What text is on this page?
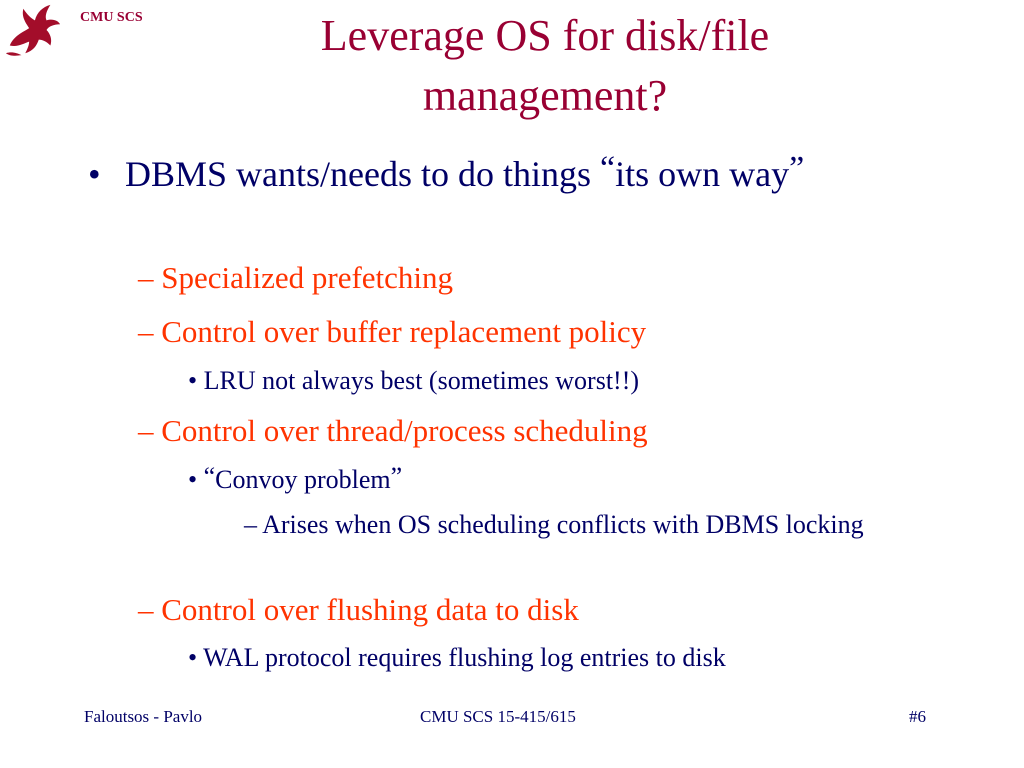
CMU SCS	Leverage OS for disk/file management?
• DBMS wants/needs to do things “its own way”
– Specialized prefetching
– Control over buffer replacement policy
• LRU not always best (sometimes worst!!)
– Control over thread/process scheduling
• “Convoy problem”
– Arises when OS scheduling conflicts with DBMS locking
– Control over flushing data to disk
• WAL protocol requires flushing log entries to disk
Faloutsos - Pavlo	CMU SCS 15-415/615	#6
